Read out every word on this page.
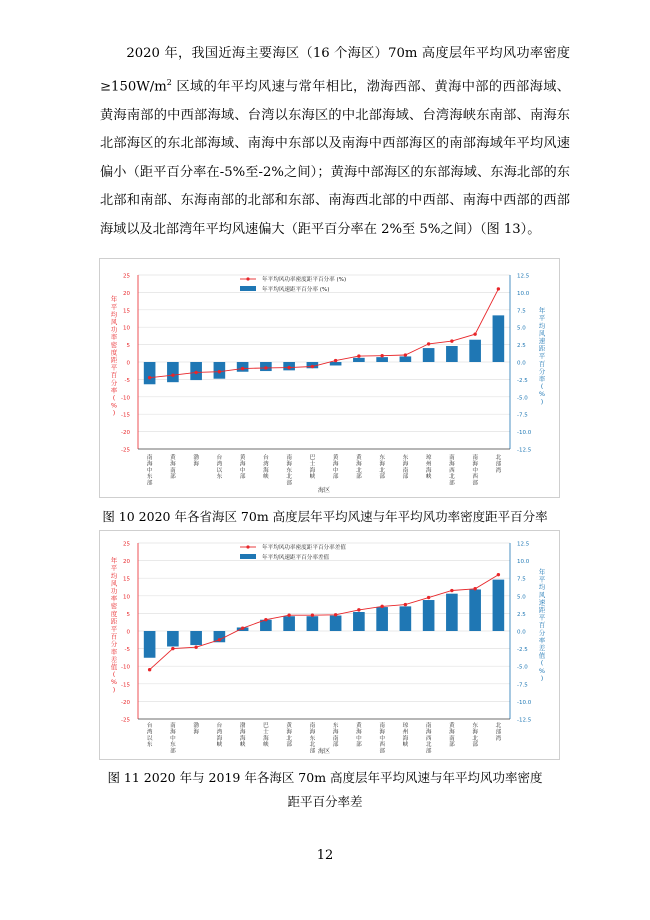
2020 年，我国近海主要海区（16 个海区）70m 高度层年平均风功率密度$\ge 150W/m^2$ 区域的年平均风速与常年相比，渤海西部、黄海中部的西部海域、黄海南部的中西部海域、台湾以东海区的中北部海域、台湾海峡东南部、南海东北部海区的东北部海域、南海中东部以及南海中西部海区的南部海域年平均风速偏小（距平百分率在-5%至-2%之间）；黄海中部海区的东部海域、东海北部的东北部和南部、东海南部的北部和东部、南海西北部的中西部、南海中西部的西部海域以及北部湾年平均风速偏大（距平百分率在 2%至 5%之间）（图 13）。
-25
-20
-15
-10
-5
0
5
10
15
20
25
-12.5
-10.0
-7.5
-5.0
-2.5
0.0
2.5
5.0
7.5
10.0
12.5
年平均风功率密度距平百分率( % )
年平均风速距平百分率( % )
南海中东部
黄海南部
渤海
台湾以东
黄海中部
台湾海峡
南海东北部
巴士海峡
黄海中部
黄海北部
东海北部
东海南部
琼州海峡
南海西北部
南海中西部
北部湾
海区
年平均风功率密度距平百分率 (%)
年平均风速距平百分率 (%)
图 10 2020 年各省海区 70m 高度层年平均风速与年平均风功率密度距平百分率
-25
-20
-15
-10
-5
0
5
10
15
20
25
-12.5
-10.0
-7.5
-5.0
-2.5
0.0
2.5
5.0
7.5
10.0
12.5
年平均风功率密度距平百分率差值( % )
年平均风速距平百分率差值( % )
台湾以东
南海中东部
渤海
台湾海峡
渤海海峡
巴士海峡
黄海北部
南海东北部
东海南部
黄海中部
南海中西部
琼州海峡
南海西北部
黄海南部
东海北部
北部湾
海区
年平均风功率密度距平百分率差值
年平均风速距平百分率差值
图 11 2020 年与 2019 年各海区 70m 高度层年平均风速与年平均风功率密度
距平百分率差
12
